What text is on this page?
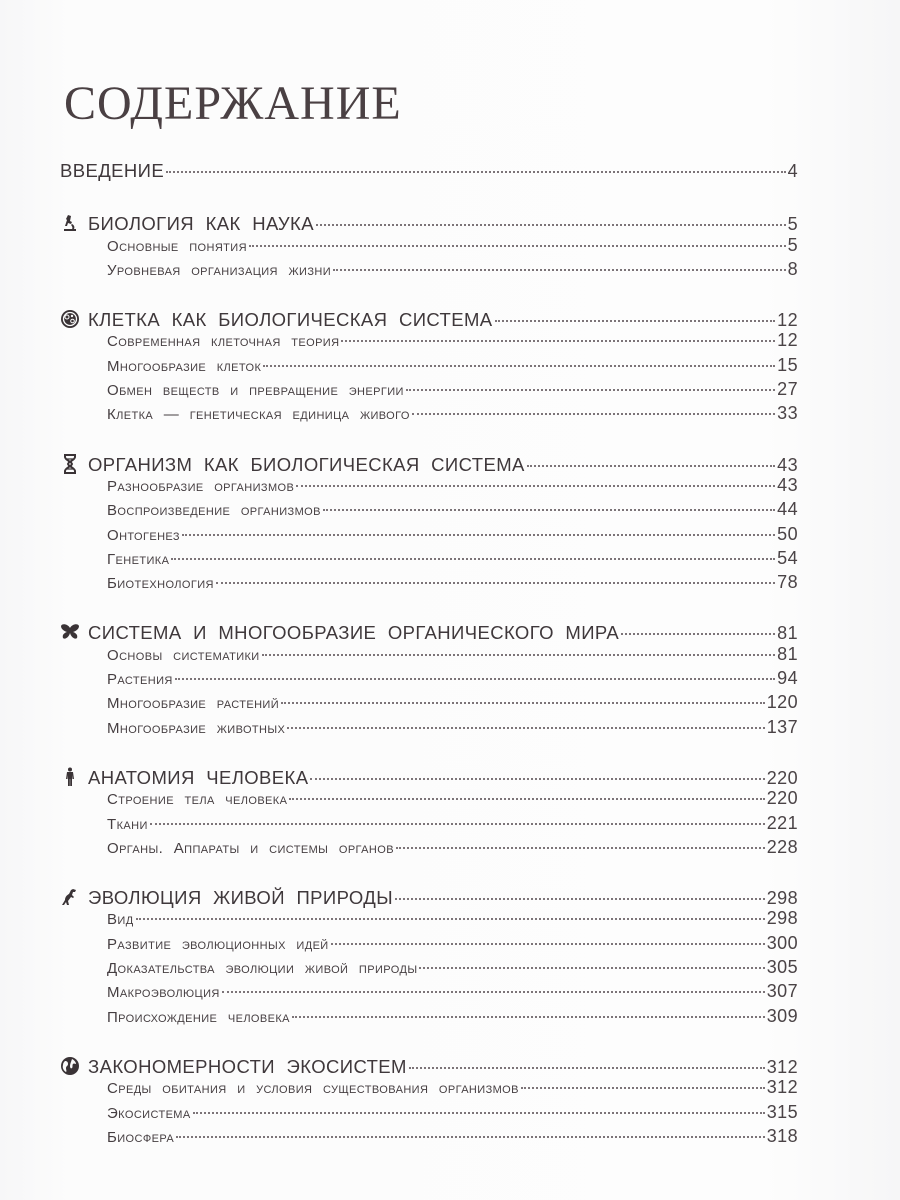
СОДЕРЖАНИЕ
ВВЕДЕНИЕ	4
БИОЛОГИЯ КАК НАУКА	5
Основные понятия	5
Уровневая организация жизни	8
КЛЕТКА КАК БИОЛОГИЧЕСКАЯ СИСТЕМА	12
Современная клеточная теория	12
Многообразие клеток	15
Обмен веществ и превращение энергии	27
Клетка — генетическая единица живого	33
ОРГАНИЗМ КАК БИОЛОГИЧЕСКАЯ СИСТЕМА	43
Разнообразие организмов	43
Воспроизведение организмов	44
Онтогенез	50
Генетика	54
Биотехнология	78
СИСТЕМА И МНОГООБРАЗИЕ ОРГАНИЧЕСКОГО МИРА	81
Основы систематики	81
Растения	94
Многообразие растений	120
Многообразие животных	137
АНАТОМИЯ ЧЕЛОВЕКА	220
Строение тела человека	220
Ткани	221
Органы. Аппараты и системы органов	228
ЭВОЛЮЦИЯ ЖИВОЙ ПРИРОДЫ	298
Вид	298
Развитие эволюционных идей	300
Доказательства эволюции живой природы	305
Макроэволюция	307
Происхождение человека	309
ЗАКОНОМЕРНОСТИ ЭКОСИСТЕМ	312
Среды обитания и условия существования организмов	312
Экосистема	315
Биосфера	318
